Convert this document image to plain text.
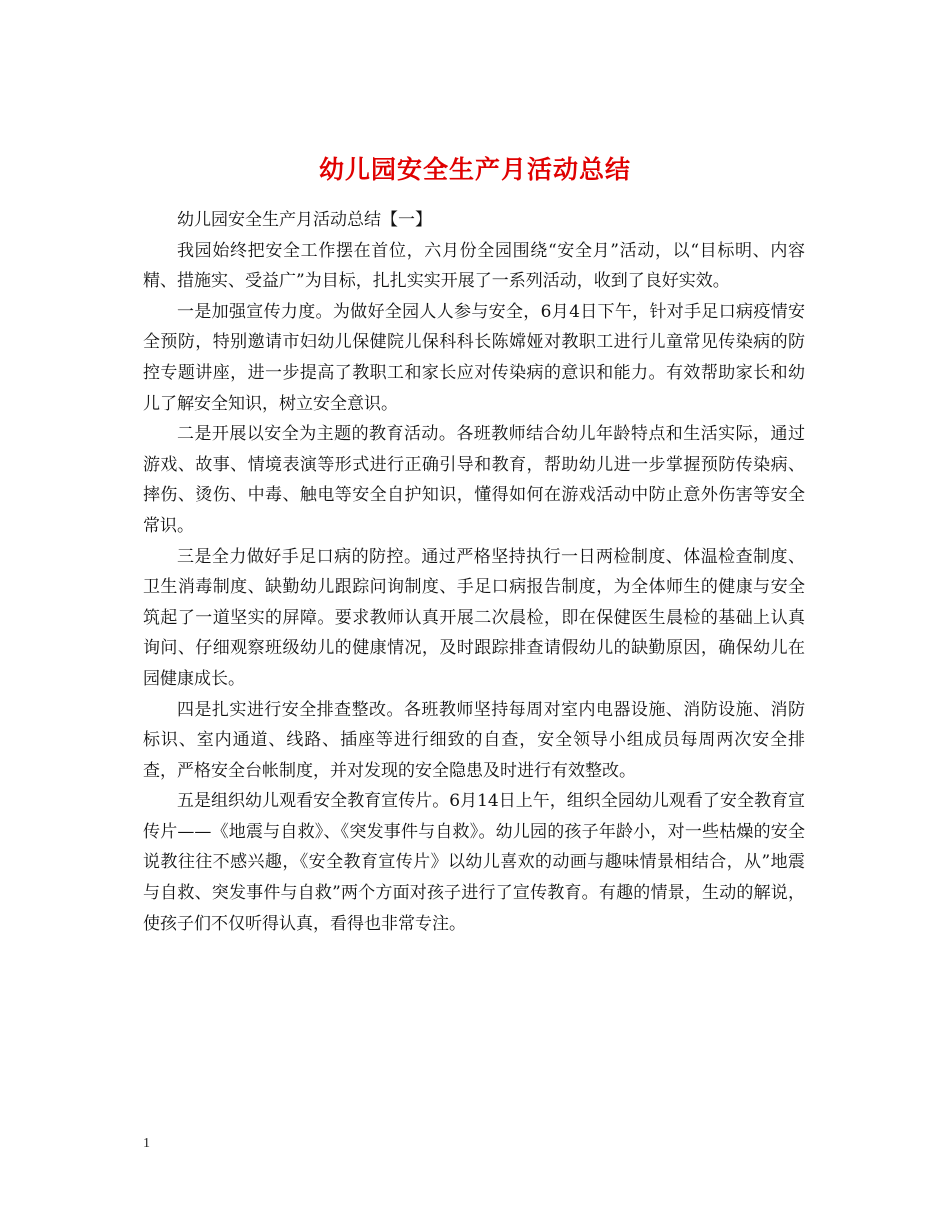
幼儿园安全生产月活动总结

幼儿园安全生产月活动总结【一】

我园始终把安全工作摆在首位，六月份全园围绕“安全月”活动，以“目标明、内容精、措施实、受益广”为目标，扎扎实实开展了一系列活动，收到了良好实效。

一是加强宣传力度。为做好全园人人参与安全，6月4日下午，针对手足口病疫情安全预防，特别邀请市妇幼儿保健院儿保科科长陈嫦娅对教职工进行儿童常见传染病的防控专题讲座，进一步提高了教职工和家长应对传染病的意识和能力。有效帮助家长和幼儿了解安全知识，树立安全意识。

二是开展以安全为主题的教育活动。各班教师结合幼儿年龄特点和生活实际，通过游戏、故事、情境表演等形式进行正确引导和教育，帮助幼儿进一步掌握预防传染病、摔伤、烫伤、中毒、触电等安全自护知识，懂得如何在游戏活动中防止意外伤害等安全常识。

三是全力做好手足口病的防控。通过严格坚持执行一日两检制度、体温检查制度、卫生消毒制度、缺勤幼儿跟踪问询制度、手足口病报告制度，为全体师生的健康与安全筑起了一道坚实的屏障。要求教师认真开展二次晨检，即在保健医生晨检的基础上认真询问、仔细观察班级幼儿的健康情况，及时跟踪排查请假幼儿的缺勤原因，确保幼儿在园健康成长。

四是扎实进行安全排查整改。各班教师坚持每周对室内电器设施、消防设施、消防标识、室内通道、线路、插座等进行细致的自查，安全领导小组成员每周两次安全排查，严格安全台帐制度，并对发现的安全隐患及时进行有效整改。

五是组织幼儿观看安全教育宣传片。6月14日上午，组织全园幼儿观看了安全教育宣传片——《地震与自救》、《突发事件与自救》。幼儿园的孩子年龄小，对一些枯燥的安全说教往往不感兴趣，《安全教育宣传片》以幼儿喜欢的动画与趣味情景相结合，从”地震与自救、突发事件与自救”两个方面对孩子进行了宣传教育。有趣的情景，生动的解说，使孩子们不仅听得认真，看得也非常专注。

1
